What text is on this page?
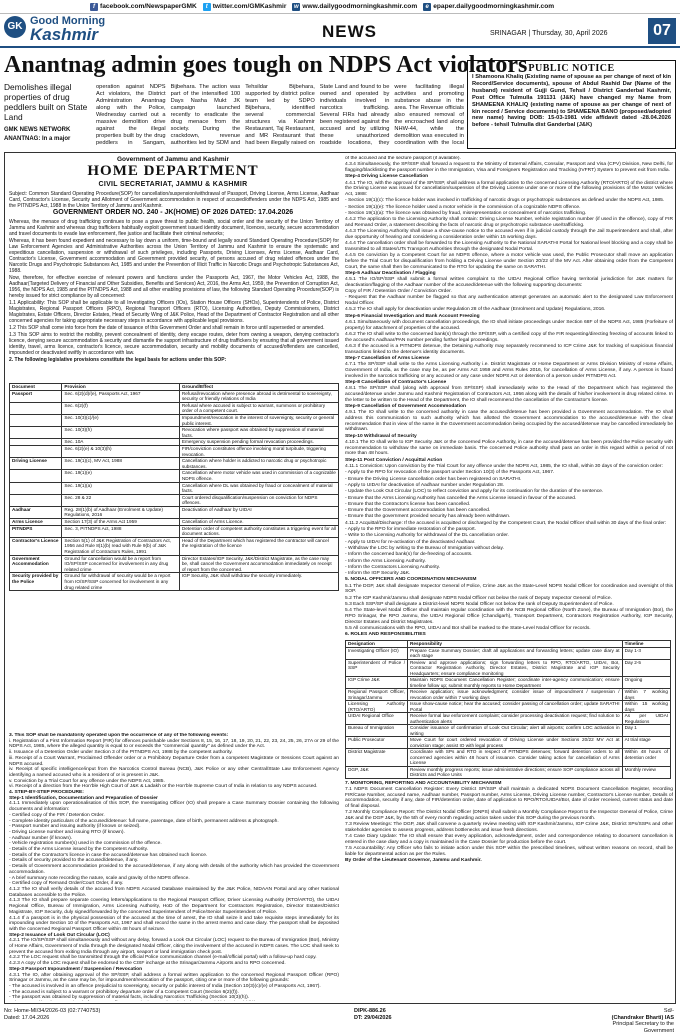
f facebook.com/NewspaperGMK	t twitter.com/GMKashmir w www.dailygoodmorningkashmir.com	e epaper.dailygoodmorningkashmir.com
GK Good Morning
Kashmir	NEWS	SRINAGAR | Thursday, 30, April 2026	07
Anantnag admin goes tough on NDPS Act violators
Demolishes illegal properties of drug peddlers built on State Land
GMK NEWS NETWORK
ANANTNAG: In a major
operation against NDPS Act violators, the District Administration Anantnag along with the Police, Wednesday carried out a massive demolition drive against the illegal properties built by the drug peddlers in Sangam, Bijbehara. The action was part of the intensified 100 Days Nasha Mukt JK campaign launched recently to eradicate the drug menace from the society. During the crackdown, revenue authorities led by SDM and Tehsildar Bijbehara, supported by district police team led by SDPO Bijbehara, identified several commercial structures via Kashmir Restaurant, Taj Restaurant, and MR Restaurant that had been illegally raised on State Land and found to be owned and operated by individuals involved in narcotics trafficking. Several FIRs had already been registered against the accused and by utilizing these unauthorized roadside locations, they were facilitating illegal activities and promoting substance abuse in the area. The Revenue officials also ensured removal of the encroached land along NHW-44, while the demolition was executed in coordination with the local
PUBLIC NOTICE
I Shamoona Khaliq (Existing name of spouse as per change of next of kin Record/Service documents), spouse of Abdul Rashid Dar (Name of the husband) resident of Gujji Gund, Tehsil / District Ganderbal Kashmir, Post Office Tulmulla 191131 (J&K) have changed my Name from SHAMEENA KHALIQ (existing name of spouse as per change of next of kin record / Service documents) to SHAMEENA BANO (proposed/adopted new name) having DOB: 15-03-1981 vide affidavit dated -28.04.2026 before - tehsil Tulmulla dist Ganderbal (J&K)
Government of Jammu and Kashmir
HOME DEPARTMENT
CIVIL SECRETARIAT, JAMMU & KASHMIR
Subject: Common Standard Operating Procedure(SOP) for cancellation/suspension/withdrawal of Passport, Driving License, Arms License, Aadhaar Card, Contractor's License, Security and Allotment of Government accommodation in respect of accused/offenders under the NDPS Act, 1985 and the PITNDPS Act, 1988 in the Union Territory of Jammu and Kashmir.
GOVERNMENT ORDER NO. 240 - JK(HOME) OF 2026 DATED: 17.04.2026

Whereas, the menace of drug trafficking continues to pose a grave threat to public health, social order and the security of the Union Territory of Jammu and Kashmir and whereas drug traffickers habitually exploit government issued identity document, licences, security, secure accommodation and travel documents to evade law enforcement, flee justice and facilitate their criminal networks;

Whereas, it has been found expedient and necessary to lay down a uniform, time-bound and legally sound Standard Operating Procedure(SOP) for Law Enforcement Agencies and Administrative Authorities across the Union Territory of Jammu and Kashmir to ensure the systematic and expeditious cancellation, suspension or withdrawal of such privileges, including Passports, Driving Licenses, Arms License, Aadhaar Card, Contractor's License, Government accommodation and Government provided security, of persons accused of drug related offences under the Narcotic Drugs and Psychotropic Substances Act, 1985 and under the Prevention of Illicit Traffic in Narcotic Drugs and Psychotropic Substances Act, 1988.

Now, therefore, for effective exercise of relevant powers and functions under the Passports Act, 1967, the Motor Vehicles Act, 1988, the Aadhaar(Targeted Delivery of Financial and Other Subsidies, Benefits and Services) Act, 2016, the Arms Act, 1959, the Prevention of Corruption Act, 1956, the NDPS Act, 1985 and the PITNDPS Act, 1988 and all other enabling provisions of law, the following Standard Operating Procedure(SOP) is hereby issued for strict compliance by all concerned:

1.1 Applicability: This SOP shall be applicable to all Investigating Officers (IOs), Station House Officers (SHOs), Superintendents of Police, District Magistrates, Regional Passport Officers (RPO), Regional Transport Officers (RTO), Licensing Authorities, Deputy Commissioners, District Magistrates, Estate Officers, Director Estates, Head of Security Wing of J&K Police, Head of the Department of Contractor Registration and all other concerned agencies for taking appropriate necessary steps in accordance with applicable legal provisions.

1.2 This SOP shall come into force from the date of issuance of this Government Order and shall remain in force until superseded or amended.

1.3 This SOP aims to restrict the mobility, prevent concealment of identity, deny escape routes, deter from owning a weapon, denying contractor's licence, denying secure accommodation & security and dismantle the support infrastructure of drug traffickers by ensuring that all government issued identity, travel, arms licence, contractor's licence, secure accommodation, security and mobility documents of accused/offenders are cancelled, impounded or deactivated swiftly in accordance with law.

2. The following legislative provisions constitute the legal basis for actions under this SOP:

Document	Provision	Ground/Effect
Passport	Sec. 6(2)(d)/(e), Passports Act, 1967	Refusal/revocation where presence abroad is detrimental to sovereignty, security or friendly relations of India
	Sec. 6(2)(f)	Refusal where accused is subject to warrant, summons or prohibitory order of a competent court.
	Sec. 10(3)(c)/(e)	Impoundment/revocation in the interest of sovereignty, security or general public interest.
	Sec. 10(3)(h)	Revocation where passport was obtained by suppression of material facts.
	Sec. 10A	Emergency suspension pending formal revocation proceedings.
	Sec. 6(2)(e) & 10(3)(h)	FIR/conviction constitutes offence involving moral turpitude, triggering revocation.
Driving License	Sec. 19(1)(c), MV Act, 1988	Cancellation where holder is addicted to narcotic drug or psychotropic substances.
	Sec. 19(1)(e)	Cancellation where motor vehicle was used in commission of a cognizable NDPS offence.
	Sec. 19(1)(a)	Cancellation where DL was obtained by fraud or concealment of material facts.
	Sec. 28 & 22	Court ordered disqualification/suspension on conviction for NDPS offences.
Aadhaar	Reg. 28(1)(b) of Aadhaar (Enrolment & Update) Regulations, 2016	Deactivation of Aadhaar by UIDAI
Arms Licence	Section 17(3) of the Arms Act 1959	Cancellation of Arms Licence.
PITNDPS	Sec. 3, PITNDPS Act, 1988	Detention order of competent authority constitutes a triggering event for all document actions.
Contractor's Licence	Section 5(1) of J&K Registration of Contractors Act, 1956 and Rule 8(1)(b) read with Rule 9(b) of J&K Registration of Contractors Rules, 1991	Head of the Department which has registered the contractor will cancel the registration of the licence
Government Accommodation	Ground for cancellation would be a report from IO/SP/SSP concerned for involvement in any drug related crime	Director Estates/IGP Security, J&K/District Magistrate, as the case may be, shall cancel the Government accommodation immediately on receipt of report from the concerned.
Security provided by the Police	Ground for withdrawal of security would be a report from IO/SP/SSP concerned for involvement in any drug related crime	IGP Security, J&K shall withdraw the security immediately.
3. This SOP shall be mandatorily operated upon the occurrence of any of the following events:
i. Registration of a First Information Report (FIR) for offences punishable under Sections 8, 15, 16, 17, 18, 19, 20, 21, 22, 23, 24, 25, 26, 27A or 29 of the NDPS Act, 1985, where the alleged quantity is equal to or exceeds the "commercial quantity" as defined under the Act.
ii. Issuance of a Detention Order under Section 3 of the PITNDPS Act, 1988 by the competent authority.
iii. Receipt of a Court Warrant, Proclaimed Offender order or a Prohibitory Departure Order from a competent Magistrate or Sessions Court against an NDPS accused.
iv. Receipt of specific intelligence/input from the Narcotics Control Bureau (NCB), J&K Police or any other Central/State Law Enforcement Agency identifying a named accused who is a resident of or is present in J&K.
v. Conviction by a Trial Court for any offence under the NDPS Act, 1985.
vi. Receipt of a direction from the Hon'ble High Court of J&K & Ladakh or the Hon'ble Supreme Court of India in relation to any NDPS accused.
4. STEP-BY-STEP PROCEDURE:
Step-1 Identification, Documentation and Preparation of Dossier
4.1.1 Immediately upon operationalisation of this SOP, the Investigating Officer (IO) shall prepare a Case Summary Dossier containing the following documents and information:
- Certified copy of the FIR / Detention Order.
- Complete identity particulars of the accused/detenue: full name, parentage, date of birth, permanent address & photograph.
- Passport number and issuing authority (if known or seized).
- Driving License number and issuing RTO (if known).
- Aadhaar number (if known).
- Vehicle registration number(s) used in the commission of the offence.
- Details of the Arms License issued by the Competent Authority.
- Details of the Contractor's licence in case the accused/detenue has obtained such licence.
- Details of security provided to the accused/detenue, if any.
- Details of Government accommodation provided to the accused/detenue, if any along with details of the authority which has provided the Government accommodation.
- A brief summary note recording the nature, scale and gravity of the NDPS offence.
- Certified copy of Remand Order/Court Order, if any.
4.1.2 The IO shall verify details of the accused from NDPS Accused Database maintained by the J&K Police, NIDAAN Portal and any other National Databases accessible to the Police.
4.1.3 The IO shall prepare separate covering letters/applications to the Regional Passport Officer, Driver Licensing Authority (RTO/ARTO), the UIDAI Regional Office, Bureau of Immigration, Arms Licensing Authority, HoD of the Department for Contractors Registration, Director Estates/District Magistrate, IGP Security, duly signed/forwarded by the concerned Superintendent of Police/Senior Superintendent of Police.
4.1.4 If a passport is in the physical possession of the accused at the time of arrest, the IO shall seize it and take requisite steps immediately for its impounding under Section 10 of the Passports Act, 1967 and shall record the same in the arrest memo and case diary. The passport shall be deposited with the concerned Regional Passport Officer within 48 hours of seizure.
Step-2 Issuance of Look Out Circular (LOC)
4.2.1 The IO/SP/SSP shall simultaneously and without any delay, forward a Look Out Circular (LOC) request to the Bureau of Immigration (BoI), Ministry of Home Affairs, Government of India through the designated Nodal Officer, citing the involvement of the accused in NDPS cases. The LOC shall seek to prevent the accused from exiting India through any airport, seaport or land immigration check post.
4.2.2 The LOC request shall be transmitted through the official Police communication channel (e-mail/official portal) with a follow-up hard copy.
4.2.3 A copy of the LOC request shall be endorsed to the CISF incharge at the Srinagar/Jammu Airports and to RPO concerned.
Step-3 Passport Impoundment / Suspension / Revocation
4.3.1 The IO, after obtaining approval of the SP/SSP, shall address a formal written application to the concerned Regional Passport Officer (RPO) Srinagar or Jammu, as the case may be, for impoundment/revocation of the passport, citing one or more of the following grounds:
- The accused is involved in an offence prejudicial to sovereignty, security or public interest of India (Section 10(3)(c)/(e) of Passports Act, 1967).
- The accused is subject to a warrant or prohibitory departure order of a Competent Court (Section 6(2)(f)).
- The passport was obtained by suppression of material facts, including Narcotics Trafficking (Section 10(3)(h)).

of the accused and the seizure passport (if available).

4.3.4 Simultaneously, the SP/SSP shall forward a request to the Ministry of External Affairs, Consular, Passport and Visa (CPV) Division, New Delhi, for flagging/blacklisting the passport number in the Immigration, Visa and Foreigners Registration and Tracking (IVFRT) System to prevent exit from India.

Step-4 Driving License Cancellation

4.4.1 The IO, with the approval of the SP/SSP, shall address a formal application to the concerned Licensing Authority (RTO/ARTO) of the district where the Driving License was issued for cancellation/suspension of the Driving License under one or more of the following provisions of the Motor Vehicles Act, 1988:

- Section 19(1)(c): The licence holder was involved in trafficking of narcotic drugs or psychotropic substances as defined under the NDPS Act, 1985.

- Section 19(1)(e): The licence holder used a motor vehicle in the commission of a cognizable NDPS offence.

- Section 19(1)(a): The licence was obtained by fraud, misrepresentation or concealment of narcotics trafficking.

4.4.2 The application to the Licensing Authority shall contain: Driving License Number, vehicle registration number (if used in the offence), copy of FIR and Remand Order, a statement describing the facts of narcotic drug or psychotropic substance use/trafficking.

4.4.3 The Licensing Authority shall issue a show-cause notice to the accused even if in judicial custody through the Jail Superintendent and shall, after due opportunity of hearing and considering a consideration order within 15 working days.

4.4.4 The cancellation order shall be forwarded to the Licensing Authority to the National SARATHI Portal for National level blocking and a copy shall be transmitted to all States/UTs Transport Authorities through the designated Nodal Portal.

4.4.5 On conviction by a Competent Court for an NDPS offence, where a motor vehicle was used, the Public Prosecutor shall move an application before the Trial Court for disqualification from holding a Driving License under Section 20/22 of the MV Act. After obtaining order from the Competent Court, the same shall then be communicated to the RTO for updating the same on SARATHI.

Step-5 Aadhaar Deactivation / Flagging

4.5.1 The IO/SP/SSP shall submit a formal written complaint to the UIDAI Regional Office having territorial jurisdiction for J&K matters for deactivation/flagging of the Aadhaar number of the accused/detenue with the following supporting documents:

Copy of FIR / Detention Order / Conviction Order.

- Request that the Aadhaar number be flagged so that any authentication attempt generates an automatic alert to the designated Law Enforcement Nodal Officer.

4.5.2 The IO shall apply for deactivation under Regulation 28 of the Aadhaar (Enrolment and Update) Regulations, 2016.

Step-6 Financial Investigation and Bank Account Freezing

4.6.1 Simultaneously with document cancellation proceedings, the IO shall initiate proceedings under Section 68F of the NDPS Act, 1985 (Forfeiture of property) for attachment of properties of the accused.

4.6.2 The IO shall write to the concerned bank(s) through the SP/SSP, with a certified copy of the FIR requesting/directing freezing of accounts linked to the accused's Aadhaar/PAN number pending further legal proceedings.

4.6.3 If the accused is a PITNDPS detenue, the Detaining Authority may separately recommend to ICP Crime J&K for tracking of suspicious financial transactions linked to the detenue's identity documents.

Step-7 Cancellation of Arms License

4.7.1 The SP/SSP shall write to the Arms Licensing Authority i.e. District Magistrate or Home Department or Arms Division Ministry of Home Affairs, Government of India, as the case may be, as per Arms Act 1959 and Arms Rules 2016, for cancellation of Arms License, if any. A person is found involved in the narcotics trafficking or any accused or any case under NDPS Act or detention of a person under PITNDPS Act.

Step-8 Cancellation of Contractor's License

4.8.1 The SP/SSP shall (along with approval from SP/SSP) shall immediately write to the Head of the Department which has registered the accused/detenue under Jammu and Kashmir Registration of Contractors Act, 1956 along with the details of his/her involvement in drug related crime. In the letter to be written to the Head of the Department, the IO shall recommend the cancellation of the Contractor's license.

Step-9 Cancellation of Government Accommodation

4.9.1 The IO shall write to the concerned authority in case the accused/detenue has been provided a Government accommodation. The IO shall address this communication to such authority which has allotted the Government accommodation to the accused/detenue with the clear recommendation that in view of the same in the Government accommodation being occupied by the accused/detenue may be cancelled immediately be withdrawn.

Step-10 Withdrawal of Security

4.10.1 The IO shall write to IGP Security J&K or the concerned Police Authority, in case the accused/detenue has been provided the Police security with recommendation to withdraw the same on immediate basis. The concerned Police authority shall pass an order in this regard within a period of not more than 48 hours.

Step-11 Post Conviction / Acquittal Action

4.11.1 Conviction: Upon conviction by the Trial Court for any offence under the NDPS Act, 1985, the IO shall, within 30 days of the conviction order:

- Apply to the RPO for revocation of the passport under Section 10(3) of the Passports Act, 1967.

- Ensure the Driving License cancellation order has been registered on SARATHI.

- Apply to UIDAI for deactivation of Aadhaar number under Regulation 28.

- Update the Look Out Circular (LOC) to reflect conviction and apply for its continuation for the duration of the sentence.

- Ensure that the Arms Licensing Authority has cancelled the Arms License issued in favour of the accused.

- Ensure that the Contractor's license has been cancelled.

- Ensure that the Government accommodation has been cancelled.

- Ensure that the government provided security has already been withdrawn.

4.11.2 Acquittal/Discharge: If the accused is acquitted or discharged by the Competent Court, the Nodal Officer shall within 30 days of the final order:

- Apply to the RPO for immediate restoration of the passport.

- Write to the Licensing Authority for withdrawal of the DL cancellation order.

- Apply to UIDAI for re-activation of the deactivated Aadhaar.

- Withdraw the LOC by writing to the Bureau of Immigration without delay.

- Inform the concerned bank(s) for de-freezing of accounts.

- Inform the Arms Licensing Authority.

- Inform the Contractors Licensing Authority.

- Inform the IGP Security J&K.

5. NODAL OFFICERS AND COORDINATION MECHANISM

5.1 The DGP, J&K shall designate Inspector General of Police, Crime J&K as the State-Level NDPS Nodal Officer for coordination and oversight of this SOP.

5.2 The IGP Kashmir/Jammu shall designate NDPS Nodal Officer not below the rank of Deputy Inspector General of Police.

5.3 Each SSP/SP shall designate a District-level NDPS Nodal Officer not below the rank of Deputy Superintendent of Police.

5.4 The State-level Nodal Officer shall maintain regular coordination with the NCB Regional Office (North Zone), the Bureau of Immigration (BoI), the RPO Srinagar, the RPO Jammu, the UIDAI Regional Office (Chandigarh), Transport Department, Contractors Registration Authority, IGP Security, Director Estates and District Magistrates.

5.5 All communications with the RPO, UIDAI and BoI shall be marked to the State-Level Nodal Officer for records.

6. ROLES AND RESPONSIBILITIES

Designation	Responsibility	Timeline
Investigating Officer (IO)	Prepare Case Summary Dossier; draft all applications and forwarding letters; update case diary at each stage	Day 1-3
Superintendent of Police / SSP	Review and approve applications; sign forwarding letters to RPO, RTO/ARTO, UIDAI, BoI, Contractor Registration Authority, Director Estates, District Magistrate and IGP Security Headquarters; ensure compliance monitoring	Day 2-5
IGP Crime J&K	Maintain NDPS Document Cancellation Register; coordinate inter-agency communication; ensure timeline follow up; submit monthly reports to Home Department	Ongoing
Regional Passport Officer, Srinagar/Jammu	Receive application; issue acknowledgment; consider issue of impoundment / suspension / revocation order within 7 working days	Within 7 working days
Licensing Authority (RTO/ARTO)	Issue show-cause notice; hear the accused; consider passing of cancellation order; update SARATHI Portal	Within 15 working days
UIDAI Regional Office	Receive formal law enforcement complaint; consider processing deactivation request; find solution to authentication alerts	As per UIDAI Regulations
Bureau of Immigration	Consider issuance of confirmation of Look Out Circular; alert all airports; confirm LOC activation in writing	Day 1
Public Prosecutor	Move Court for court ordered revocation of Driving License under Sections 20/22 MV Act at conviction stage; assist IO with legal process	At trial stage
District Magistrate	Coordinate with SPs and RTO in respect of PITNDPS detenues; forward detention orders to all concerned agencies within 48 hours of issuance. Consider taking action for cancellation of Arms License	Within 48 hours of detention order
DGP, J&K	Review monthly progress reports; issue administrative directions; ensure SOP compliance across all Districts and Police Units	Monthly review

7. MONITORING, REPORTING AND ACCOUNTABILITY MECHANISM

7.1 NDPS Document Cancellation Register: Every District SP/SSP shall maintain a dedicated NDPS Document Cancellation Register, recording FIR/Case Number, accused name, Aadhaar number, Passport number, Arms License, Driving License number, Contractor's License number, Details of accommodation, security if any, date of FIR/detention order, date of application to RPO/RTO/UIDAI/BoI, date of order received, current status and date of final disposal.

7.2 Monthly Compliance Report: The District Nodal Officer (DNPS) shall submit a Monthly Compliance Report to the Inspector General of Police, Crime J&K and the DGP J&K, by the 5th of every month regarding action taken under this SOP during the previous month.

7.3 Review Meetings: The DGP, J&K shall convene a quarterly review meeting with IGP Kashmir/Jammu, IGP Crime J&K, District SPs/SSPs and other stakeholder agencies to assess progress, address bottlenecks and issue fresh directions.

7.4 Case Diary Update: The IO shall ensure that every application, acknowledgment, order and correspondence relating to document cancellation is entered in the case diary and a copy is maintained in the Case Dossier for production before the court.

7.5 Accountability: Any Officer who fails to initiate action under this SOP within the prescribed timelines, without written reasons on record, shall be liable for departmental action as per the Rules.

By Order of the Lieutenant Governor, Jammu and Kashmir.

No: Home-MI/34/2026-03 (02:7740753)
Dated: 17.04.2026
DIPK-886.26
DT: 29/04/2026
Sd/-
(Chandraker Bharti) IAS
Principal Secretary to the Government
